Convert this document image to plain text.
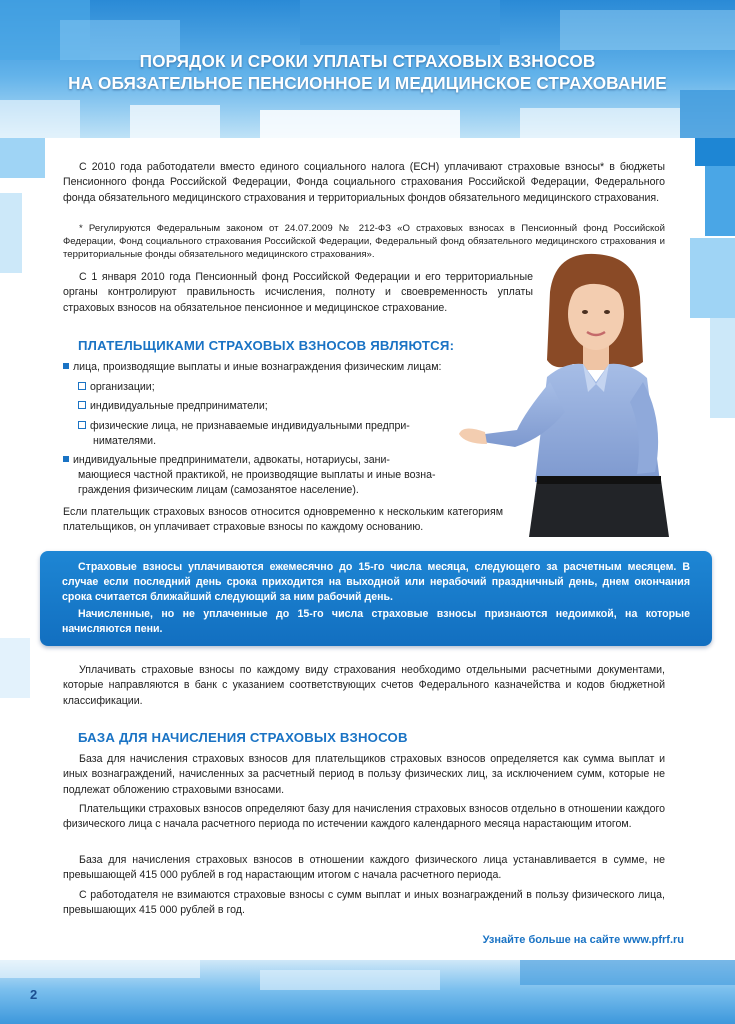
ПОРЯДОК И СРОКИ УПЛАТЫ СТРАХОВЫХ ВЗНОСОВ
НА ОБЯЗАТЕЛЬНОЕ ПЕНСИОННОЕ И МЕДИЦИНСКОЕ СТРАХОВАНИЕ
С 2010 года работодатели вместо единого социального налога (ЕСН) уплачивают страховые взносы* в бюджеты Пенсионного фонда Российской Федерации, Фонда социального страхования Российской Федерации, Федерального фонда обязательного медицинского страхования и территориальных фондов обязательного медицинского страхования.
* Регулируются Федеральным законом от 24.07.2009 № 212-ФЗ «О страховых взносах в Пенсионный фонд Российской Федерации, Фонд социального страхования Российской Федерации, Федеральный фонд обязательного медицинского страхования и территориальные фонды обязательного медицинского страхования».
С 1 января 2010 года Пенсионный фонд Российской Федерации и его территориальные органы контролируют правильность исчисления, полноту и своевременность уплаты страховых взносов на обязательное пенсионное и медицинское страхование.
ПЛАТЕЛЬЩИКАМИ СТРАХОВЫХ ВЗНОСОВ ЯВЛЯЮТСЯ:
лица, производящие выплаты и иные вознаграждения физическим лицам:
организации;
индивидуальные предприниматели;
физические лица, не признаваемые индивидуальными предпри-
нимателями.
индивидуальные предприниматели, адвокаты, нотариусы, зани-
мающиеся частной практикой, не производящие выплаты и иные возна-
граждения физическим лицам (самозанятое население).
Если плательщик страховых взносов относится одновременно к нескольким категориям плательщиков, он уплачивает страховые взносы по каждому основанию.
Страховые взносы уплачиваются ежемесячно до 15-го числа месяца, следующего за расчетным месяцем. В случае если последний день срока приходится на выходной или нерабочий праздничный день, днем окончания срока считается ближайший следующий за ним рабочий день.
Начисленные, но не уплаченные до 15-го числа страховые взносы признаются недоимкой, на которые начисляются пени.
Уплачивать страховые взносы по каждому виду страхования необходимо отдельными расчетными документами, которые направляются в банк с указанием соответствующих счетов Федерального казначейства и кодов бюджетной классификации.
БАЗА ДЛЯ НАЧИСЛЕНИЯ СТРАХОВЫХ ВЗНОСОВ
База для начисления страховых взносов для плательщиков страховых взносов определяется как сумма выплат и иных вознаграждений, начисленных за расчетный период в пользу физических лиц, за исключением сумм, которые не подлежат обложению страховыми взносами.
Плательщики страховых взносов определяют базу для начисления страховых взносов отдельно в отношении каждого физического лица с начала расчетного периода по истечении каждого календарного месяца нарастающим итогом.
База для начисления страховых взносов в отношении каждого физического лица устанавливается в сумме, не превышающей 415 000 рублей в год нарастающим итогом с начала расчетного периода.
С работодателя не взимаются страховые взносы с сумм выплат и иных вознаграждений в пользу физического лица, превышающих 415 000 рублей в год.
Узнайте больше на сайте www.pfrf.ru
2
